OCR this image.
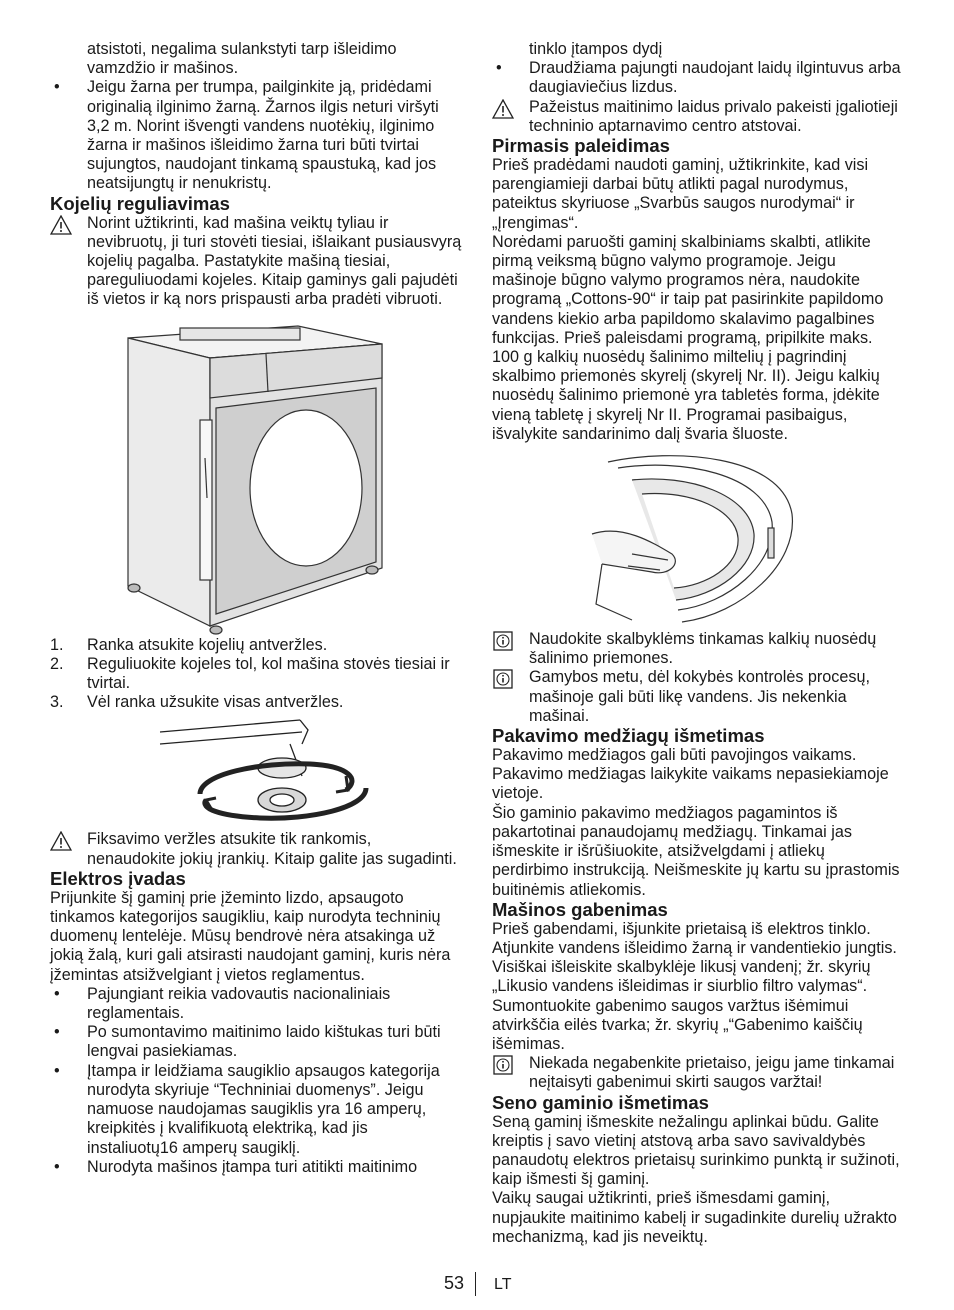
atsistoti, negalima sulankstyti tarp išleidimo vamzdžio ir mašinos.

• Jeigu žarna per trumpa, pailginkite ją, pridėdami originalią ilginimo žarną. Žarnos ilgis neturi viršyti 3,2 m. Norint išvengti vandens nuotėkių, ilginimo žarna ir mašinos išleidimo žarna turi būti tvirtai sujungtos, naudojant tinkamą spaustuką, kad jos neatsijungtų ir nenukristų.

Kojelių reguliavimas

Norint užtikrinti, kad mašina veiktų tyliau ir nevibruotų, ji turi stovėti tiesiai, išlaikant pusiausvyrą kojelių pagalba. Pastatykite mašiną tiesiai, pareguliuodami kojeles. Kitaip gaminys gali pajudėti iš vietos ir ką nors prispausti arba pradėti vibruoti.

1. Ranka atsukite kojelių antveržles.
2. Reguliuokite kojeles tol, kol mašina stovės tiesiai ir tvirtai.
3. Vėl ranka užsukite visas antveržles.

Fiksavimo veržles atsukite tik rankomis, nenaudokite jokių įrankių. Kitaip galite jas sugadinti.

Elektros įvadas

Prijunkite šį gaminį prie įžeminto lizdo, apsaugoto tinkamos kategorijos saugikliu, kaip nurodyta techninių duomenų lentelėje. Mūsų bendrovė nėra atsakinga už jokią žalą, kuri gali atsirasti naudojant gaminį, kuris nėra įžemintas atsižvelgiant į vietos reglamentus.

• Pajungiant reikia vadovautis nacionaliniais reglamentais.

• Po sumontavimo maitinimo laido kištukas turi būti lengvai pasiekiamas.

• Įtampa ir leidžiama saugiklio apsaugos kategorija nurodyta skyriuje “Techniniai duomenys”. Jeigu namuose naudojamas saugiklis yra 16 amperų, kreipkitės į kvalifikuotą elektriką, kad jis instaliuotų16 amperų saugiklį.

• Nurodyta mašinos įtampa turi atitikti maitinimo

tinklo įtampos dydį

• Draudžiama pajungti naudojant laidų ilgintuvus arba daugiaviečius lizdus.

Pažeistus maitinimo laidus privalo pakeisti įgaliotieji techninio aptarnavimo centro atstovai.

Pirmasis paleidimas

Prieš pradėdami naudoti gaminį, užtikrinkite, kad visi parengiamieji darbai būtų atlikti pagal nurodymus, pateiktus skyriuose „Svarbūs saugos nurodymai“ ir „Įrengimas“.

Norėdami paruošti gaminį skalbiniams skalbti, atlikite pirmą veiksmą būgno valymo programoje. Jeigu mašinoje būgno valymo programos nėra, naudokite programą „Cottons-90“ ir taip pat pasirinkite papildomo vandens kiekio arba papildomo skalavimo pagalbines funkcijas. Prieš paleisdami programą, pripilkite maks. 100 g kalkių nuosėdų šalinimo miltelių į pagrindinį skalbimo priemonės skyrelį (skyrelį Nr. II). Jeigu kalkių nuosėdų šalinimo priemonė yra tabletės forma, įdėkite vieną tabletę į skyrelį Nr II. Programai pasibaigus, išvalykite sandarinimo dalį švaria šluoste.

Naudokite skalbyklėms tinkamas kalkių nuosėdų šalinimo priemones.

Gamybos metu, dėl kokybės kontrolės procesų, mašinoje gali būti likę vandens. Jis nekenkia mašinai.

Pakavimo medžiagų išmetimas

Pakavimo medžiagos gali būti pavojingos vaikams. Pakavimo medžiagas laikykite vaikams nepasiekiamoje vietoje.

Šio gaminio pakavimo medžiagos pagamintos iš pakartotinai panaudojamų medžiagų. Tinkamai jas išmeskite ir išrūšiuokite, atsižvelgdami į atliekų perdirbimo instrukciją. Neišmeskite jų kartu su įprastomis buitinėmis atliekomis.

Mašinos gabenimas

Prieš gabendami, išjunkite prietaisą iš elektros tinklo. Atjunkite vandens išleidimo žarną ir vandentiekio jungtis. Visiškai išleiskite skalbyklėje likusį vandenį; žr. skyrių „Likusio vandens išleidimas ir siurblio filtro valymas“. Sumontuokite gabenimo saugos varžtus išėmimui atvirkščia eilės tvarka; žr. skyrių „“Gabenimo kaiščių išėmimas.

Niekada negabenkite prietaiso, jeigu jame tinkamai neįtaisyti gabenimui skirti saugos varžtai!

Seno gaminio išmetimas

Seną gaminį išmeskite nežalingu aplinkai būdu. Galite kreiptis į savo vietinį atstovą arba savo savivaldybės panaudotų elektros prietaisų surinkimo punktą ir sužinoti, kaip išmesti šį gaminį.

Vaikų saugai užtikrinti, prieš išmesdami gaminį, nupjaukite maitinimo kabelį ir sugadinkite durelių užrakto mechanizmą, kad jis neveiktų.

53 LT
